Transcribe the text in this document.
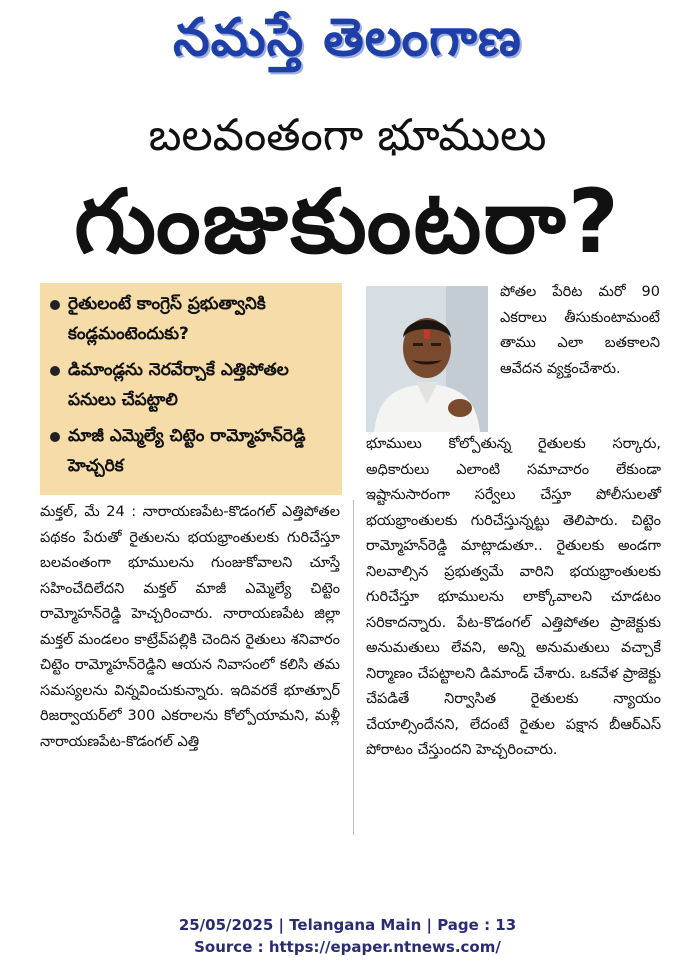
నమస్తే తెలంగాణ
బలవంతంగా భూములు
గుంజుకుంటరా?
రైతులంటే కాంగ్రెస్ ప్రభుత్వానికి కండ్లమంటెందుకు?
డిమాండ్లను నెరవేర్చాకే ఎత్తిపోతల పనులు చేపట్టాలి
మాజీ ఎమ్మెల్యే చిట్టెం రామ్మోహన్‌రెడ్డి హెచ్చరిక
పోతల పేరిట మరో 90 ఎకరాలు తీసుకుంటామంటే తాము ఎలా బతకాలని ఆవేదన వ్యక్తంచేశారు.
భూములు కోల్పోతున్న రైతులకు సర్కారు, అధికారులు ఎలాంటి సమాచారం లేకుండా ఇష్టానుసారంగా సర్వేలు చేస్తూ పోలీసులతో భయభ్రాంతులకు గురిచేస్తున్నట్టు తెలిపారు. చిట్టెం రామ్మోహన్‌రెడ్డి మాట్లాడుతూ.. రైతులకు అండగా నిలవాల్సిన ప్రభుత్వమే వారిని భయభ్రాంతులకు గురిచేస్తూ భూములను లాక్కోవాలని చూడటం సరికాదన్నారు. పేట-కొడంగల్ ఎత్తిపోతల ప్రాజెక్టుకు అనుమతులు లేవని, అన్ని అనుమతులు వచ్చాకే నిర్మాణం చేపట్టాలని డిమాండ్ చేశారు. ఒకవేళ ప్రాజెక్టు చేపడితే నిర్వాసిత రైతులకు న్యాయం చేయాల్సిందేనని, లేదంటే రైతుల పక్షాన బీఆర్ఎస్ పోరాటం చేస్తుందని హెచ్చరించారు.
మక్తల్, మే 24 : నారాయణపేట-కొడంగల్ ఎత్తిపోతల పథకం పేరుతో రైతులను భయభ్రాంతులకు గురిచేస్తూ బలవంతంగా భూములను గుంజుకోవాలని చూస్తే సహించేదిలేదని మక్తల్ మాజీ ఎమ్మెల్యే చిట్టెం రామ్మోహన్‌రెడ్డి హెచ్చరించారు. నారాయణపేట జిల్లా మక్తల్ మండలం కాట్రేవ్‌పల్లికి చెందిన రైతులు శనివారం చిట్టెం రామ్మోహన్‌రెడ్డిని ఆయన నివాసంలో కలిసి తమ సమస్యలను విన్నవించుకున్నారు. ఇదివరకే భూత్పూర్ రిజర్వాయర్‌లో 300 ఎకరాలను కోల్పోయామని, మళ్లీ నారాయణపేట-కొడంగల్ ఎత్తి
25/05/2025 | Telangana Main | Page : 13
Source : https://epaper.ntnews.com/
